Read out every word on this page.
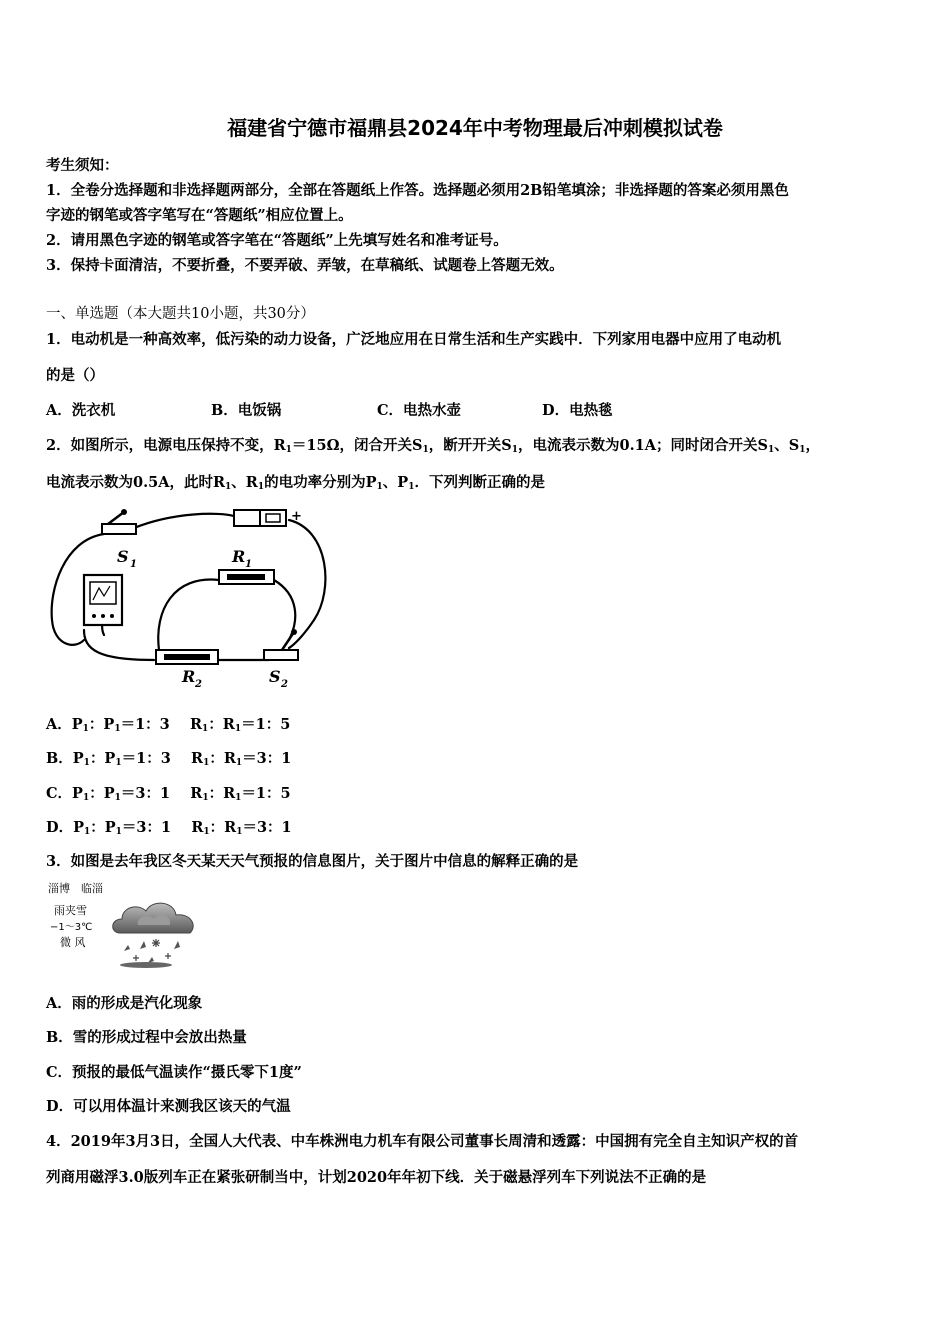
福建省宁德市福鼎县2024年中考物理最后冲刺模拟试卷
考生须知：
1．全卷分选择题和非选择题两部分，全部在答题纸上作答。选择题必须用2B铅笔填涂；非选择题的答案必须用黑色
字迹的钢笔或答字笔写在“答题纸”相应位置上。
2．请用黑色字迹的钢笔或答字笔在“答题纸”上先填写姓名和准考证号。
3．保持卡面清洁，不要折叠，不要弄破、弄皱，在草稿纸、试题卷上答题无效。
一、单选题（本大题共10小题，共30分）
1．电动机是一种高效率，低污染的动力设备，广泛地应用在日常生活和生产实践中．下列家用电器中应用了电动机
的是（）
A．洗衣机	B．电饭锅	C．电热水壶	D．电热毯
2．如图所示，电源电压保持不变，$R_1=15\Omega$，闭合开关$S_1$，断开开关$S_1$，电流表示数为0.1A；同时闭合开关$S_1$、$S_1$，
电流表示数为0.5A，此时$R_1$、$R_1$的电功率分别为$P_1$、$P_1$．下列判断正确的是
+
S 1	R 1
R 2	S 2
A．$P_1$：$P_1=1$：3 $R_1$：$R_1=1$：5
B．$P_1$：$P_1=1$：3 $R_1$：$R_1=3$：1
C．$P_1$：$P_1=3$：1 $R_1$：$R_1=1$：5
D．$P_1$：$P_1=3$：1 $R_1$：$R_1=3$：1
3．如图是去年我区冬天某天天气预报的信息图片，关于图片中信息的解释正确的是
淄博　临淄
雨夹雪
−1～3℃
微 风
A．雨的形成是汽化现象
B．雪的形成过程中会放出热量
C．预报的最低气温读作“摄氏零下1度”
D．可以用体温计来测我区该天的气温
4．2019年3月3日，全国人大代表、中车株洲电力机车有限公司董事长周清和透露：中国拥有完全自主知识产权的首
列商用磁浮3.0版列车正在紧张研制当中，计划2020年年初下线．关于磁悬浮列车下列说法不正确的是
